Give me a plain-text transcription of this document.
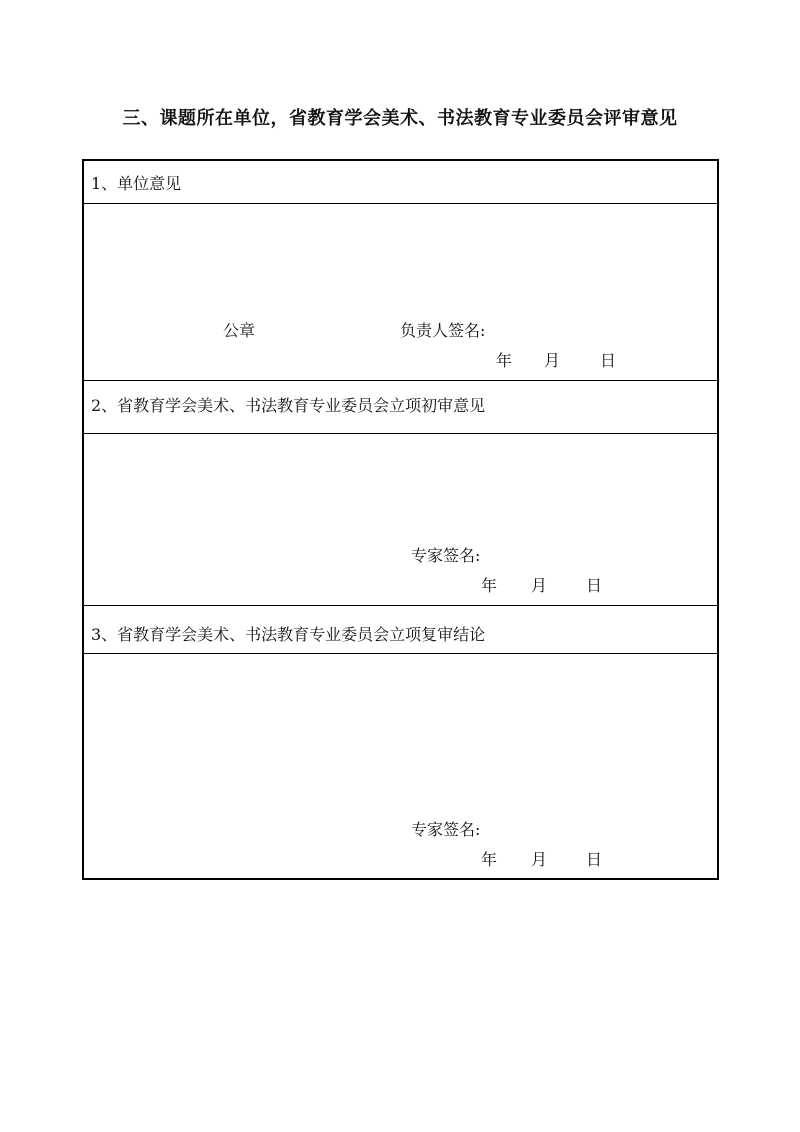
三、课题所在单位，省教育学会美术、书法教育专业委员会评审意见
1、单位意见
公章	负责人签名:
年 月 日
2、省教育学会美术、书法教育专业委员会立项初审意见
专家签名:
年 月 日
3、省教育学会美术、书法教育专业委员会立项复审结论
专家签名:
年 月 日
